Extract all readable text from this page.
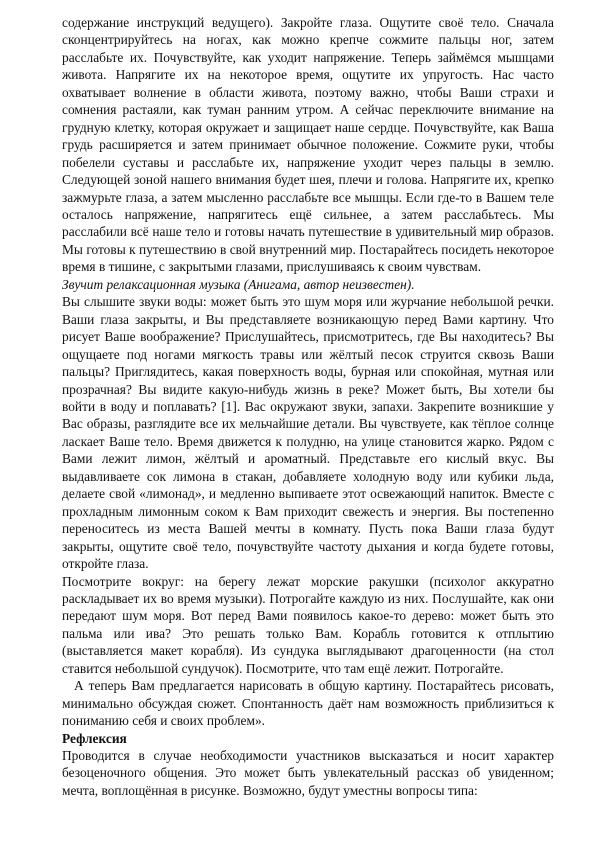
содержание инструкций ведущего). Закройте глаза. Ощутите своё тело. Сначала сконцентрируйтесь на ногах, как можно крепче сожмите пальцы ног, затем расслабьте их. Почувствуйте, как уходит напряжение. Теперь займёмся мышцами живота. Напрягите их на некоторое время, ощутите их упругость. Нас часто охватывает волнение в области живота, поэтому важно, чтобы Ваши страхи и сомнения растаяли, как туман ранним утром. А сейчас переключите внимание на грудную клетку, которая окружает и защищает наше сердце. Почувствуйте, как Ваша грудь расширяется и затем принимает обычное положение. Сожмите руки, чтобы побелели суставы и расслабьте их, напряжение уходит через пальцы в землю. Следующей зоной нашего внимания будет шея, плечи и голова. Напрягите их, крепко зажмурьте глаза, а затем мысленно расслабьте все мышцы. Если где-то в Вашем теле осталось напряжение, напрягитесь ещё сильнее, а затем расслабьтесь. Мы расслабили всё наше тело и готовы начать путешествие в удивительный мир образов. Мы готовы к путешествию в свой внутренний мир. Постарайтесь посидеть некоторое время в тишине, с закрытыми глазами, прислушиваясь к своим чувствам.

Звучит релаксационная музыка (Анигама, автор неизвестен).

Вы слышите звуки воды: может быть это шум моря или журчание небольшой речки. Ваши глаза закрыты, и Вы представляете возникающую перед Вами картину. Что рисует Ваше воображение? Прислушайтесь, присмотритесь, где Вы находитесь? Вы ощущаете под ногами мягкость травы или жёлтый песок струится сквозь Ваши пальцы? Приглядитесь, какая поверхность воды, бурная или спокойная, мутная или прозрачная? Вы видите какую-нибудь жизнь в реке? Может быть, Вы хотели бы войти в воду и поплавать? [1]. Вас окружают звуки, запахи. Закрепите возникшие у Вас образы, разглядите все их мельчайшие детали. Вы чувствуете, как тёплое солнце ласкает Ваше тело. Время движется к полудню, на улице становится жарко. Рядом с Вами лежит лимон, жёлтый и ароматный. Представьте его кислый вкус. Вы выдавливаете сок лимона в стакан, добавляете холодную воду или кубики льда, делаете свой «лимонад», и медленно выпиваете этот освежающий напиток. Вместе с прохладным лимонным соком к Вам приходит свежесть и энергия. Вы постепенно переноситесь из места Вашей мечты в комнату. Пусть пока Ваши глаза будут закрыты, ощутите своё тело, почувствуйте частоту дыхания и когда будете готовы, откройте глаза.

Посмотрите вокруг: на берегу лежат морские ракушки (психолог аккуратно раскладывает их во время музыки). Потрогайте каждую из них. Послушайте, как они передают шум моря. Вот перед Вами появилось какое-то дерево: может быть это пальма или ива? Это решать только Вам. Корабль готовится к отплытию (выставляется макет корабля). Из сундука выглядывают драгоценности (на стол ставится небольшой сундучок). Посмотрите, что там ещё лежит. Потрогайте.

А теперь Вам предлагается нарисовать в общую картину. Постарайтесь рисовать, минимально обсуждая сюжет. Спонтанность даёт нам возможность приблизиться к пониманию себя и своих проблем».

Рефлексия

Проводится в случае необходимости участников высказаться и носит характер безоценочного общения. Это может быть увлекательный рассказ об увиденном; мечта, воплощённая в рисунке. Возможно, будут уместны вопросы типа:
